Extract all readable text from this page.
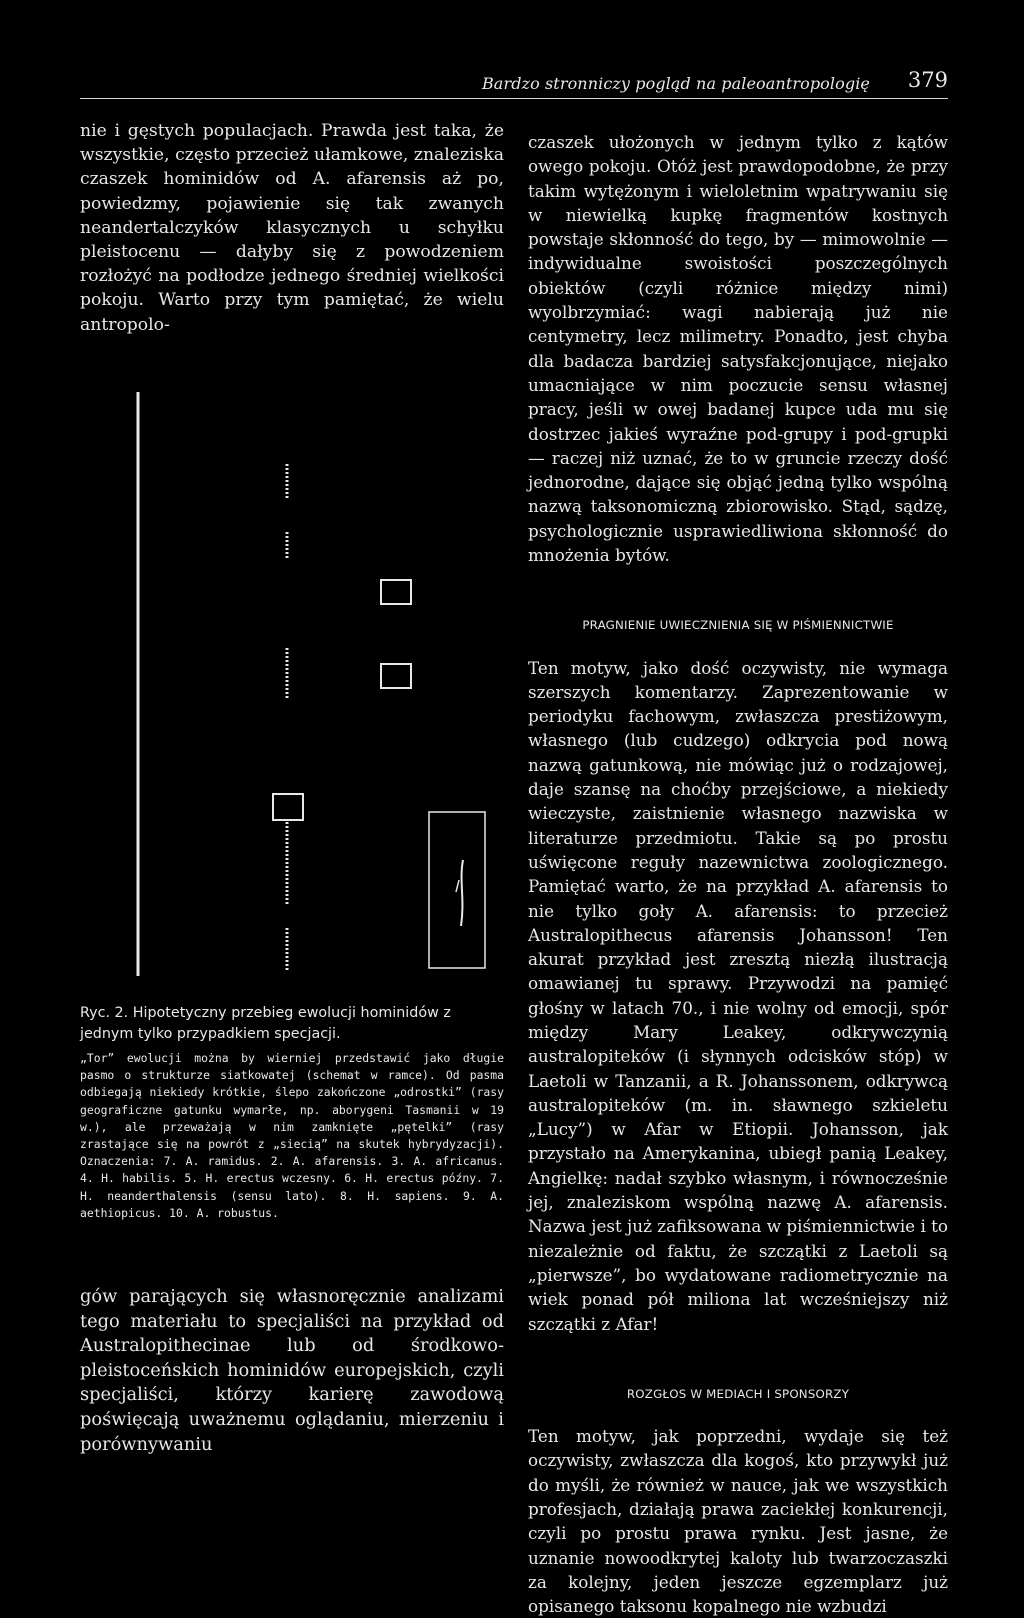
Bardzo stronniczy pogląd na paleoantropologię 379

nie i gęstych populacjach. Prawda jest taka, że wszystkie, często przecież ułamkowe, znaleziska czaszek hominidów od A. afarensis aż po, powiedzmy, pojawienie się tak zwanych neandertalczyków klasycznych u schyłku pleistocenu — dałyby się z powodzeniem rozłożyć na podłodze jednego średniej wielkości pokoju. Warto przy tym pamiętać, że wielu antropolo-

Ryc. 2. Hipotetyczny przebieg ewolucji hominidów z jednym tylko przypadkiem specjacji.
„Tor” ewolucji można by wierniej przedstawić jako długie pasmo o strukturze siatkowatej (schemat w ramce). Od pasma odbiegają niekiedy krótkie, ślepo zakończone „odrostki” (rasy geograficzne gatunku wymarłe, np. aborygeni Tasmanii w 19 w.), ale przeważają w nim zamknięte „pętelki” (rasy zrastające się na powrót z „siecią” na skutek hybrydyzacji). Oznaczenia: 7. A. ramidus. 2. A. afarensis. 3. A. africanus. 4. H. habilis. 5. H. erectus wczesny. 6. H. erectus późny. 7. H. neanderthalensis (sensu lato). 8. H. sapiens. 9. A. aethiopicus. 10. A. robustus.

gów parających się własnoręcznie analizami tego materiału to specjaliści na przykład od Australopithecinae lub od środkowo-pleistoceńskich hominidów europejskich, czyli specjaliści, którzy karierę zawodową poświęcają uważnemu oglądaniu, mierzeniu i porównywaniu

czaszek ułożonych w jednym tylko z kątów owego pokoju. Otóż jest prawdopodobne, że przy takim wytężonym i wieloletnim wpatrywaniu się w niewielką kupkę fragmentów kostnych powstaje skłonność do tego, by — mimowolnie — indywidualne swoistości poszczególnych obiektów (czyli różnice między nimi) wyolbrzymiać: wagi nabierają już nie centymetry, lecz milimetry. Ponadto, jest chyba dla badacza bardziej satysfakcjonujące, niejako umacniające w nim poczucie sensu własnej pracy, jeśli w owej badanej kupce uda mu się dostrzec jakieś wyraźne pod-grupy i pod-grupki — raczej niż uznać, że to w gruncie rzeczy dość jednorodne, dające się objąć jedną tylko wspólną nazwą taksonomiczną zbiorowisko. Stąd, sądzę, psychologicznie usprawiedliwiona skłonność do mnożenia bytów.

PRAGNIENIE UWIECZNIENIA SIĘ W PIŚMIENNICTWIE

Ten motyw, jako dość oczywisty, nie wymaga szerszych komentarzy. Zaprezentowanie w periodyku fachowym, zwłaszcza prestiżowym, własnego (lub cudzego) odkrycia pod nową nazwą gatunkową, nie mówiąc już o rodzajowej, daje szansę na choćby przejściowe, a niekiedy wieczyste, zaistnienie własnego nazwiska w literaturze przedmiotu. Takie są po prostu uświęcone reguły nazewnictwa zoologicznego. Pamiętać warto, że na przykład A. afarensis to nie tylko goły A. afarensis: to przecież Australopithecus afarensis Johansson! Ten akurat przykład jest zresztą niezłą ilustracją omawianej tu sprawy. Przywodzi na pamięć głośny w latach 70., i nie wolny od emocji, spór między Mary Leakey, odkrywczynią australopiteków (i słynnych odcisków stóp) w Laetoli w Tanzanii, a R. Johanssonem, odkrywcą australopiteków (m. in. sławnego szkieletu „Lucy”) w Afar w Etiopii. Johansson, jak przystało na Amerykanina, ubiegł panią Leakey, Angielkę: nadał szybko własnym, i równocześnie jej, znaleziskom wspólną nazwę A. afarensis. Nazwa jest już zafiksowana w piśmiennictwie i to niezależnie od faktu, że szczątki z Laetoli są „pierwsze”, bo wydatowane radiometrycznie na wiek ponad pół miliona lat wcześniejszy niż szczątki z Afar!

ROZGŁOS W MEDIACH I SPONSORZY

Ten motyw, jak poprzedni, wydaje się też oczywisty, zwłaszcza dla kogoś, kto przywykł już do myśli, że również w nauce, jak we wszystkich profesjach, działają prawa zaciekłej konkurencji, czyli po prostu prawa rynku. Jest jasne, że uznanie nowoodkrytej kaloty lub twarzoczaszki za kolejny, jeden jeszcze egzemplarz już opisanego taksonu kopalnego nie wzbudzi
